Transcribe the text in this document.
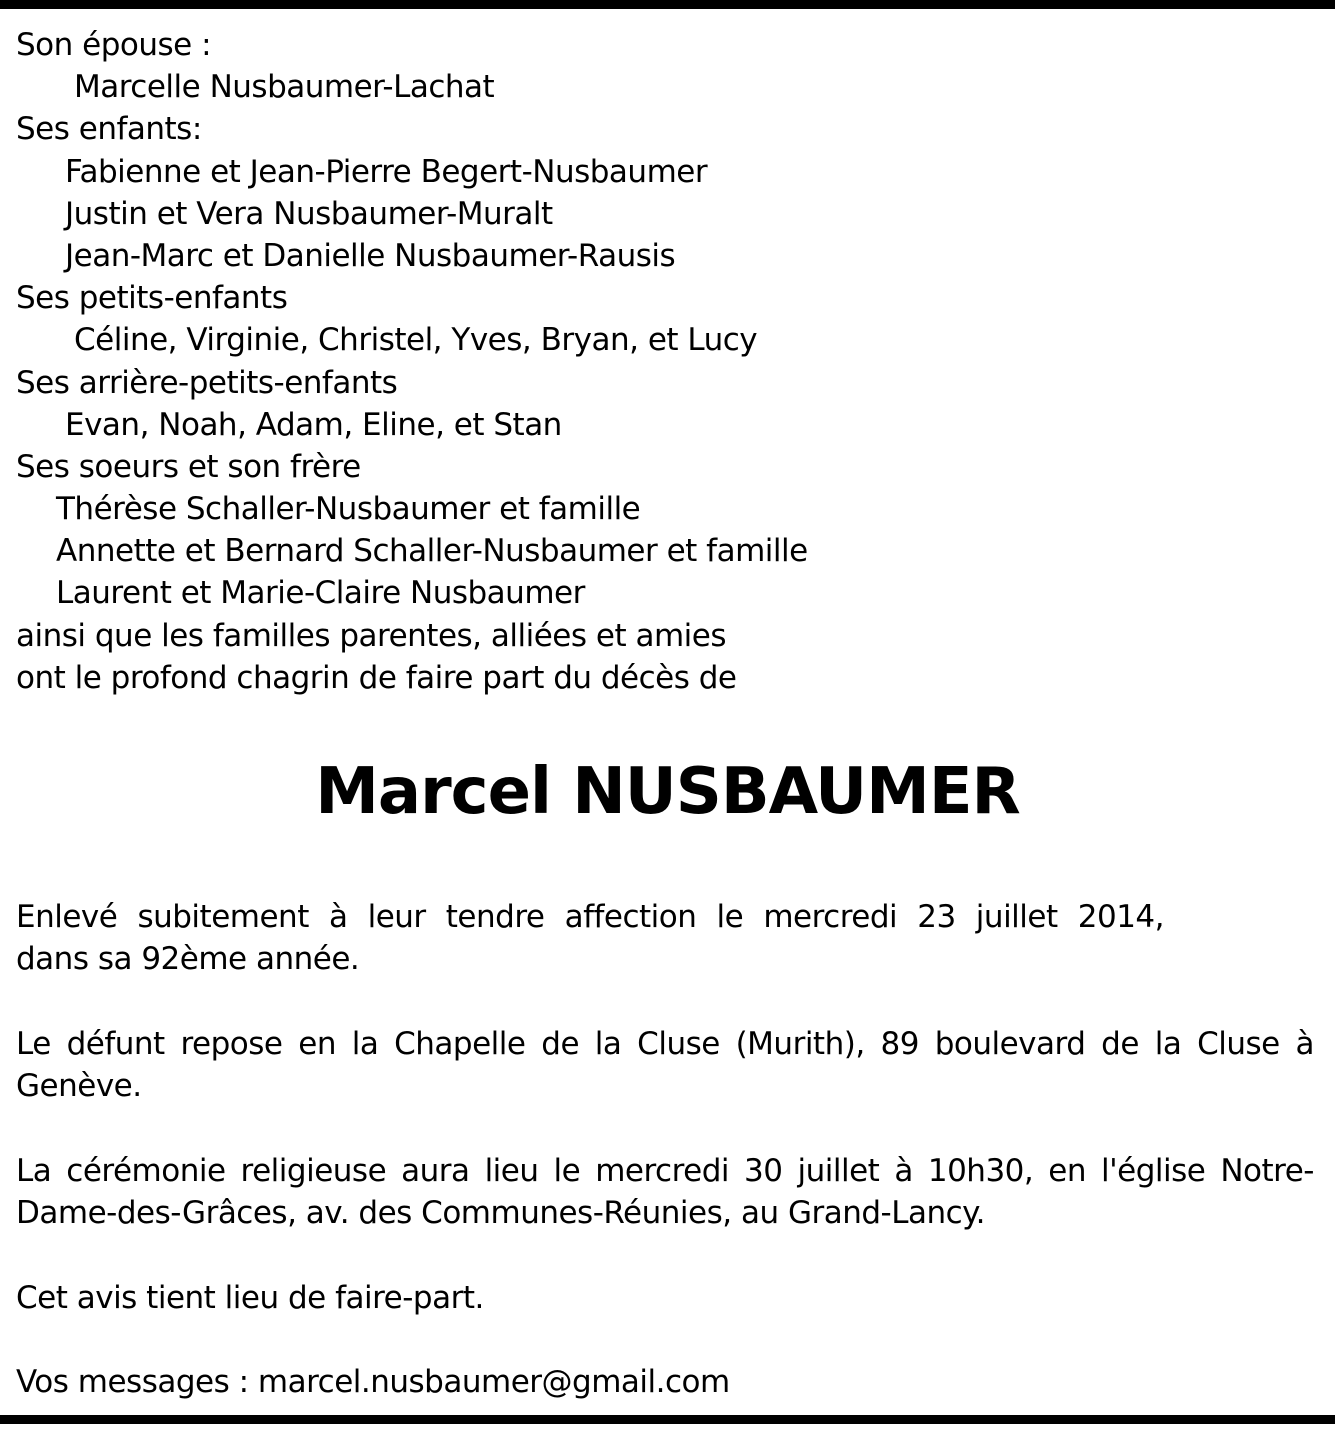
Son épouse :
Marcelle Nusbaumer-Lachat
Ses enfants:
Fabienne et Jean-Pierre Begert-Nusbaumer
Justin et Vera Nusbaumer-Muralt
Jean-Marc et Danielle Nusbaumer-Rausis
Ses petits-enfants
Céline, Virginie, Christel, Yves, Bryan, et Lucy
Ses arrière-petits-enfants
Evan, Noah, Adam, Eline, et Stan
Ses soeurs et son frère
Thérèse Schaller-Nusbaumer et famille
Annette et Bernard Schaller-Nusbaumer et famille
Laurent et Marie-Claire Nusbaumer
ainsi que les familles parentes, alliées et amies
ont le profond chagrin de faire part du décès de
Marcel NUSBAUMER
Enlevé subitement à leur tendre affection le mercredi 23 juillet 2014,
dans sa 92ème année.
Le défunt repose en la Chapelle de la Cluse (Murith), 89 boulevard de la Cluse à Genève.
La cérémonie religieuse aura lieu le mercredi 30 juillet à 10h30, en l'église Notre-Dame-des-Grâces, av. des Communes-Réunies, au Grand-Lancy.
Cet avis tient lieu de faire-part.
Vos messages : marcel.nusbaumer@gmail.com
